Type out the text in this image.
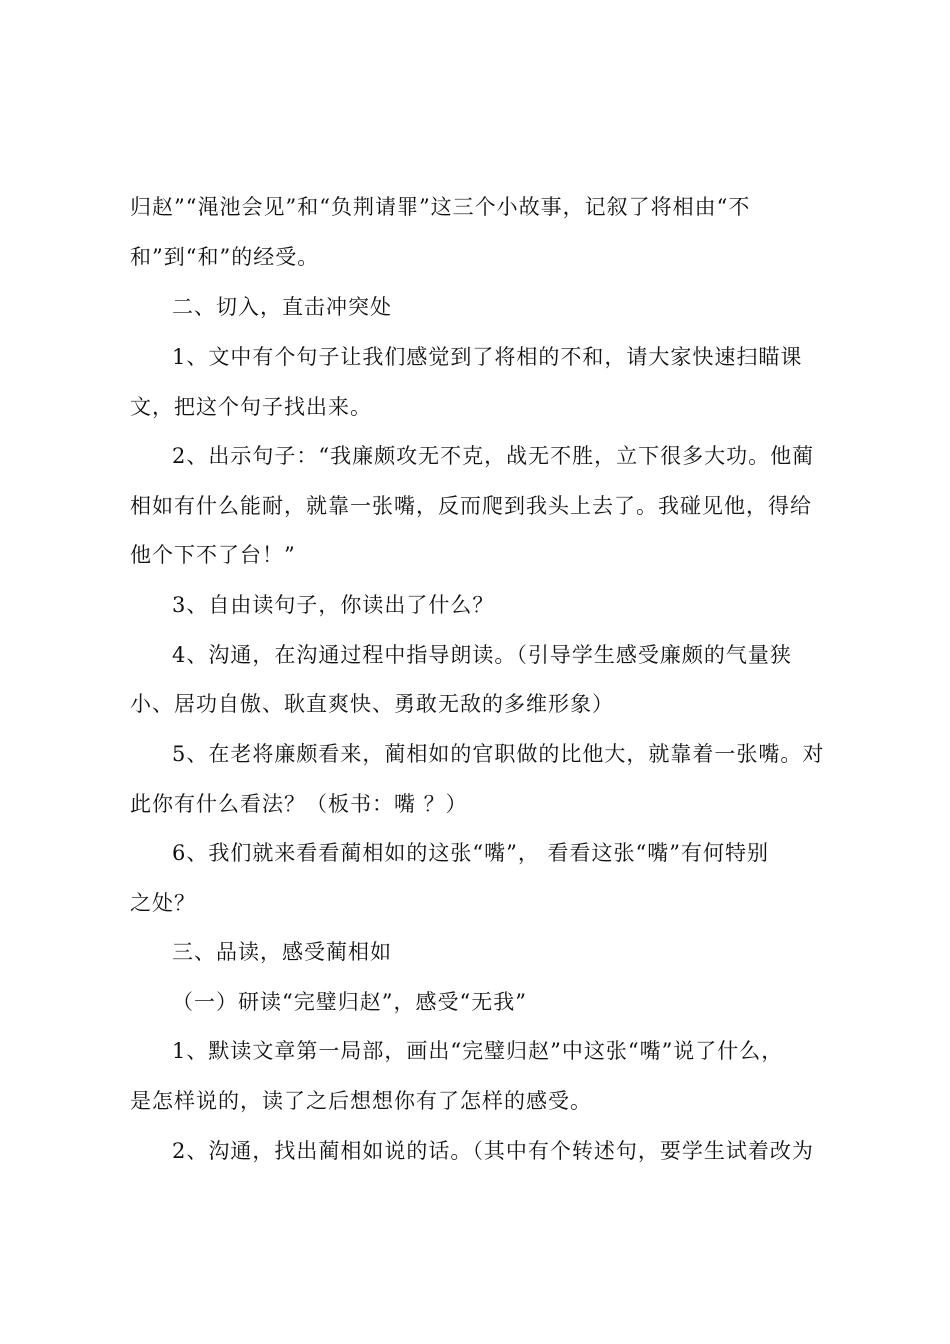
归赵”“渑池会见”和“负荆请罪”这三个小故事，记叙了将相由“不
和”到“和”的经受。
二、切入，直击冲突处
1、文中有个句子让我们感觉到了将相的不和，请大家快速扫瞄课
文，把这个句子找出来。
2、出示句子：“我廉颇攻无不克，战无不胜，立下很多大功。他蔺
相如有什么能耐，就靠一张嘴，反而爬到我头上去了。我碰见他，得给
他个下不了台！”
3、自由读句子，你读出了什么？
4、沟通，在沟通过程中指导朗读。（引导学生感受廉颇的气量狭
小、居功自傲、耿直爽快、勇敢无敌的多维形象）
5、在老将廉颇看来，蔺相如的官职做的比他大，就靠着一张嘴。对
此你有什么看法？（板书：嘴 ？）
6、我们就来看看蔺相如的这张“嘴”， 看看这张“嘴”有何特别
之处？
三、品读，感受蔺相如
（一）研读“完璧归赵”，感受“无我”
1、默读文章第一局部，画出“完璧归赵”中这张“嘴”说了什么，
是怎样说的，读了之后想想你有了怎样的感受。
2、沟通，找出蔺相如说的话。（其中有个转述句，要学生试着改为
